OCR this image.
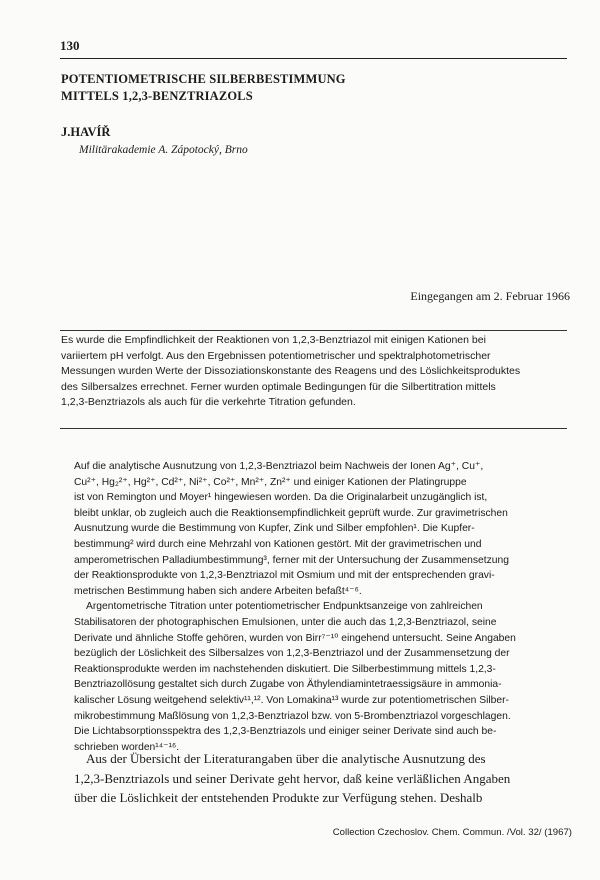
130
POTENTIOMETRISCHE SILBERBESTIMMUNG
MITTELS 1,2,3-BENZTRIAZOLS
J.HAVÍŘ
Militärakademie A. Zápotocký, Brno
Eingegangen am 2. Februar 1966
Es wurde die Empfindlichkeit der Reaktionen von 1,2,3-Benztriazol mit einigen Kationen bei
variiertem pH verfolgt. Aus den Ergebnissen potentiometrischer und spektralphotometrischer
Messungen wurden Werte der Dissoziationskonstante des Reagens und des Löslichkeitsproduktes
des Silbersalzes errechnet. Ferner wurden optimale Bedingungen für die Silbertitration mittels
1,2,3-Benztriazols als auch für die verkehrte Titration gefunden.
Auf die analytische Ausnutzung von 1,2,3-Benztriazol beim Nachweis der Ionen Ag⁺, Cu⁺,
Cu²⁺, Hg₂²⁺, Hg²⁺, Cd²⁺, Ni²⁺, Co²⁺, Mn²⁺, Zn²⁺ und einiger Kationen der Platingruppe
ist von Remington und Moyer¹ hingewiesen worden. Da die Originalarbeit unzugänglich ist,
bleibt unklar, ob zugleich auch die Reaktionsempfindlichkeit geprüft wurde. Zur gravimetrischen
Ausnutzung wurde die Bestimmung von Kupfer, Zink und Silber empfohlen¹. Die Kupfer-
bestimmung² wird durch eine Mehrzahl von Kationen gestört. Mit der gravimetrischen und
amperometrischen Palladiumbestimmung³, ferner mit der Untersuchung der Zusammensetzung
der Reaktionsprodukte von 1,2,3-Benztriazol mit Osmium und mit der entsprechenden gravi-
metrischen Bestimmung haben sich andere Arbeiten befaßt⁴⁻⁶.
Argentometrische Titration unter potentiometrischer Endpunktsanzeige von zahlreichen
Stabilisatoren der photographischen Emulsionen, unter die auch das 1,2,3-Benztriazol, seine
Derivate und ähnliche Stoffe gehören, wurden von Birr⁷⁻¹⁰ eingehend untersucht. Seine Angaben
bezüglich der Löslichkeit des Silbersalzes von 1,2,3-Benztriazol und der Zusammensetzung der
Reaktionsprodukte werden im nachstehenden diskutiert. Die Silberbestimmung mittels 1,2,3-
Benztriazollösung gestaltet sich durch Zugabe von Äthylendiamintetraessigsäure in ammonia-
kalischer Lösung weitgehend selektiv¹¹,¹². Von Lomakina¹³ wurde zur potentiometrischen Silber-
mikrobestimmung Maßlösung von 1,2,3-Benztriazol bzw. von 5-Brombenztriazol vorgeschlagen.
Die Lichtabsorptionsspektra des 1,2,3-Benztriazols und einiger seiner Derivate sind auch be-
schrieben worden¹⁴⁻¹⁶.
Aus der Übersicht der Literaturangaben über die analytische Ausnutzung des
1,2,3-Benztriazols und seiner Derivate geht hervor, daß keine verläßlichen Angaben
über die Löslichkeit der entstehenden Produkte zur Verfügung stehen. Deshalb
Collection Czechoslov. Chem. Commun. /Vol. 32/ (1967)
